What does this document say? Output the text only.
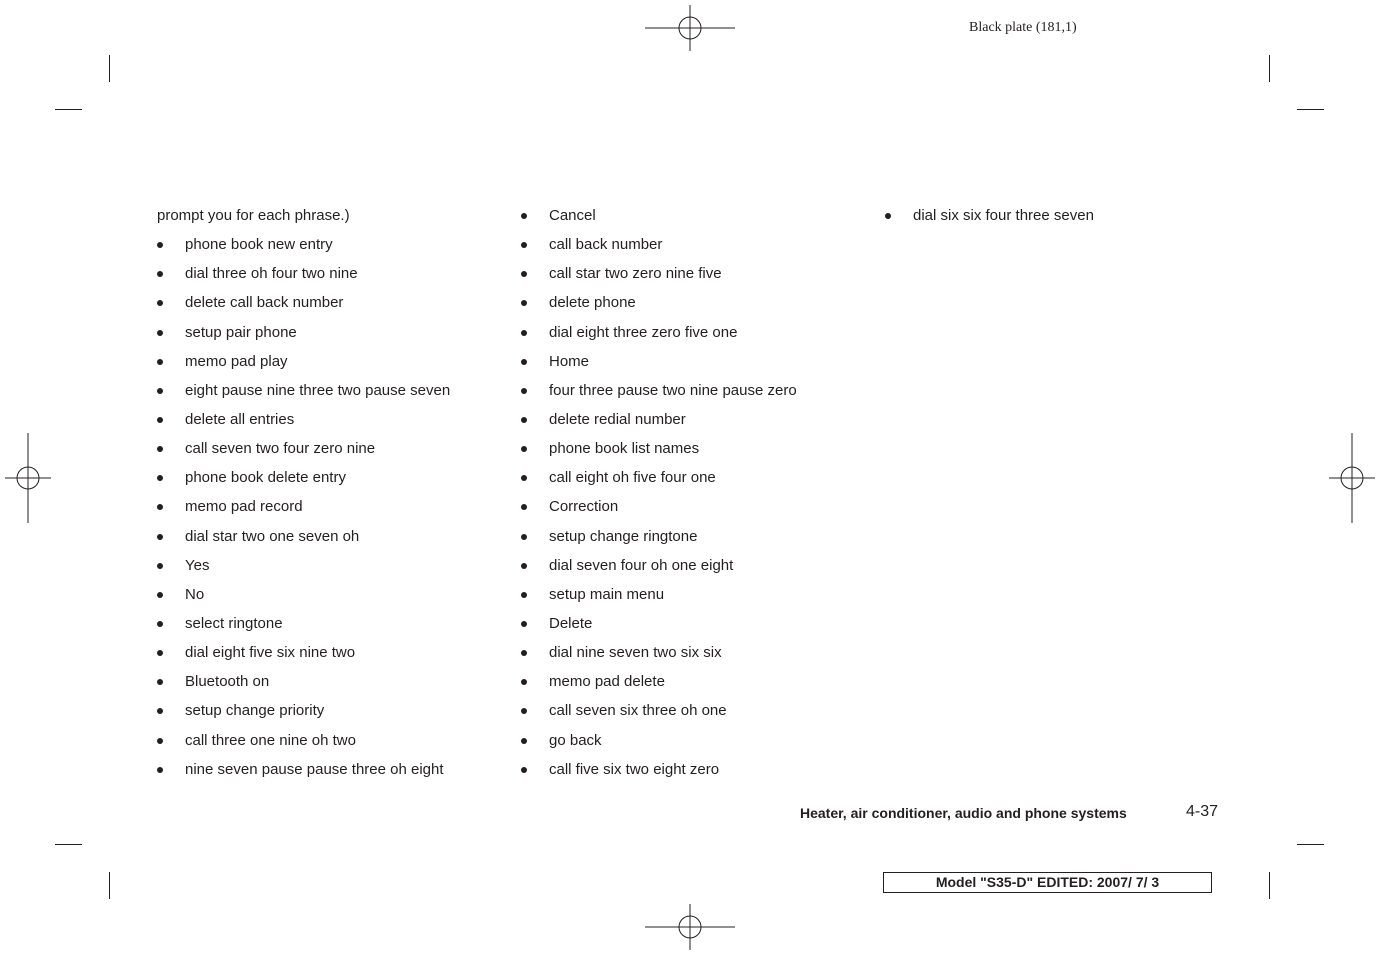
Black plate (181,1)
prompt you for each phrase.)
phone book new entry
dial three oh four two nine
delete call back number
setup pair phone
memo pad play
eight pause nine three two pause seven
delete all entries
call seven two four zero nine
phone book delete entry
memo pad record
dial star two one seven oh
Yes
No
select ringtone
dial eight five six nine two
Bluetooth on
setup change priority
call three one nine oh two
nine seven pause pause three oh eight
Cancel
call back number
call star two zero nine five
delete phone
dial eight three zero five one
Home
four three pause two nine pause zero
delete redial number
phone book list names
call eight oh five four one
Correction
setup change ringtone
dial seven four oh one eight
setup main menu
Delete
dial nine seven two six six
memo pad delete
call seven six three oh one
go back
call five six two eight zero
dial six six four three seven
Heater, air conditioner, audio and phone systems	4-37
Model "S35-D" EDITED: 2007/ 7/ 3
